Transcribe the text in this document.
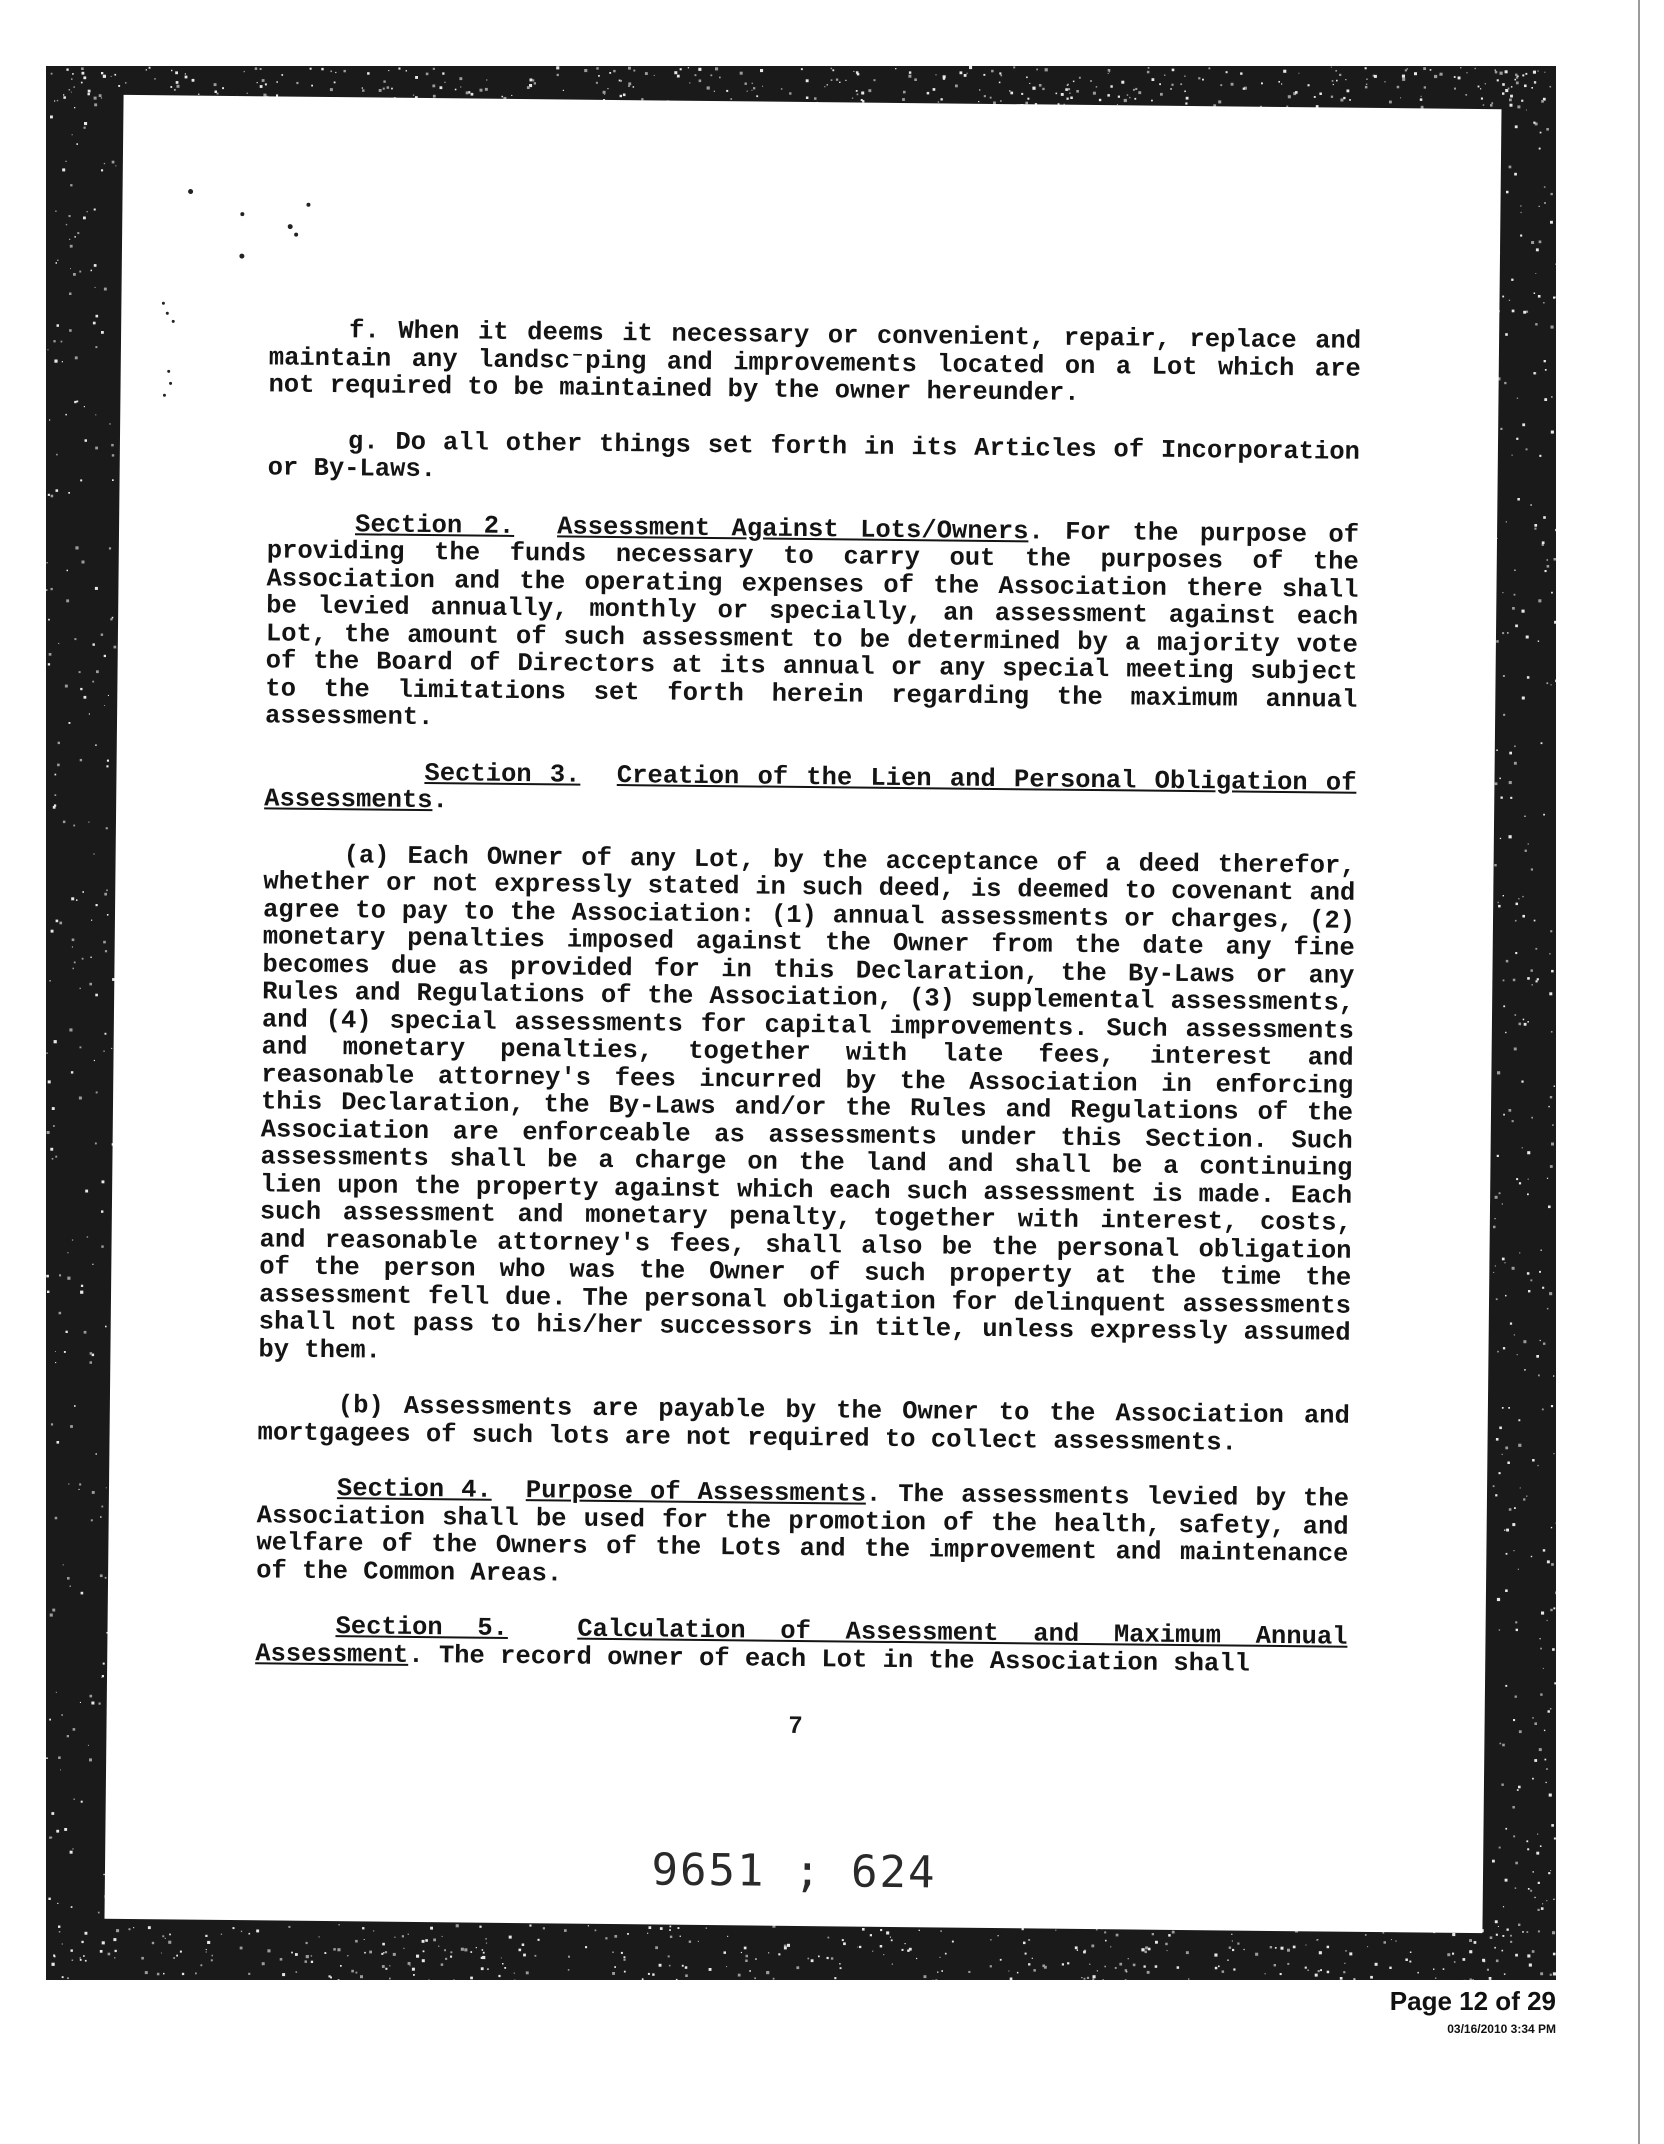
f. When it deems it necessary or convenient, repair, replace and maintain any landsc⁻ping and improvements located on a Lot which are not required to be maintained by the owner hereunder.

g. Do all other things set forth in its Articles of Incorporation or By-Laws.

Section 2. Assessment Against Lots/Owners. For the purpose of providing the funds necessary to carry out the purposes of the Association and the operating expenses of the Association there shall be levied annually, monthly or specially, an assessment against each Lot, the amount of such assessment to be determined by a majority vote of the Board of Directors at its annual or any special meeting subject to the limitations set forth herein regarding the maximum annual assessment.

Section 3. Creation of the Lien and Personal Obligation of Assessments.

(a) Each Owner of any Lot, by the acceptance of a deed therefor, whether or not expressly stated in such deed, is deemed to covenant and agree to pay to the Association: (1) annual assessments or charges, (2) monetary penalties imposed against the Owner from the date any fine becomes due as provided for in this Declaration, the By-Laws or any Rules and Regulations of the Association, (3) supplemental assessments, and (4) special assessments for capital improvements. Such assessments and monetary penalties, together with late fees, interest and reasonable attorney's fees incurred by the Association in enforcing this Declaration, the By-Laws and/or the Rules and Regulations of the Association are enforceable as assessments under this Section. Such assessments shall be a charge on the land and shall be a continuing lien upon the property against which each such assessment is made. Each such assessment and monetary penalty, together with interest, costs, and reasonable attorney's fees, shall also be the personal obligation of the person who was the Owner of such property at the time the assessment fell due. The personal obligation for delinquent assessments shall not pass to his/her successors in title, unless expressly assumed by them.

(b) Assessments are payable by the Owner to the Association and mortgagees of such lots are not required to collect assessments.

Section 4. Purpose of Assessments. The assessments levied by the Association shall be used for the promotion of the health, safety, and welfare of the Owners of the Lots and the improvement and maintenance of the Common Areas.

Section 5.	Calculation of Assessment and Maximum Annual Assessment. The record owner of each Lot in the Association shall

7
9651 ; 624
Page 12 of 29
03/16/2010 3:34 PM
